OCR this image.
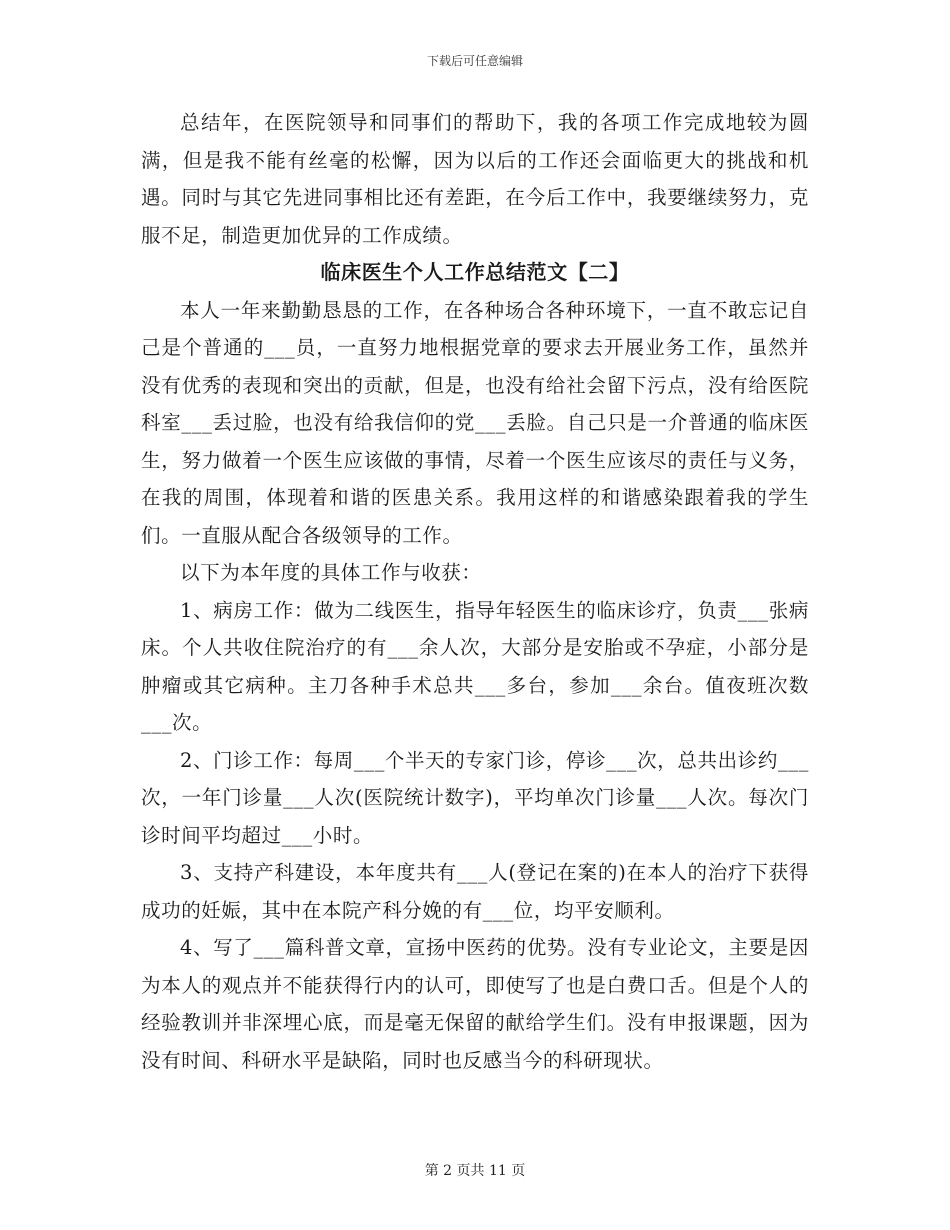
下载后可任意编辑

总结年，在医院领导和同事们的帮助下，我的各项工作完成地较为圆满，但是我不能有丝毫的松懈，因为以后的工作还会面临更大的挑战和机遇。同时与其它先进同事相比还有差距，在今后工作中，我要继续努力，克服不足，制造更加优异的工作成绩。

临床医生个人工作总结范文【二】

本人一年来勤勤恳恳的工作，在各种场合各种环境下，一直不敢忘记自己是个普通的___员，一直努力地根据党章的要求去开展业务工作，虽然并没有优秀的表现和突出的贡献，但是，也没有给社会留下污点，没有给医院科室___丢过脸，也没有给我信仰的党___丢脸。自己只是一介普通的临床医生，努力做着一个医生应该做的事情，尽着一个医生应该尽的责任与义务，在我的周围，体现着和谐的医患关系。我用这样的和谐感染跟着我的学生们。一直服从配合各级领导的工作。

以下为本年度的具体工作与收获：

1、病房工作：做为二线医生，指导年轻医生的临床诊疗，负责___张病床。个人共收住院治疗的有___余人次，大部分是安胎或不孕症，小部分是肿瘤或其它病种。主刀各种手术总共___多台，参加___余台。值夜班次数___次。

2、门诊工作：每周___个半天的专家门诊，停诊___次，总共出诊约___次，一年门诊量___人次(医院统计数字)，平均单次门诊量___人次。每次门诊时间平均超过___小时。

3、支持产科建设，本年度共有___人(登记在案的)在本人的治疗下获得成功的妊娠，其中在本院产科分娩的有___位，均平安顺利。

4、写了___篇科普文章，宣扬中医药的优势。没有专业论文，主要是因为本人的观点并不能获得行内的认可，即使写了也是白费口舌。但是个人的经验教训并非深埋心底，而是毫无保留的献给学生们。没有申报课题，因为没有时间、科研水平是缺陷，同时也反感当今的科研现状。

第 2 页共 11 页
